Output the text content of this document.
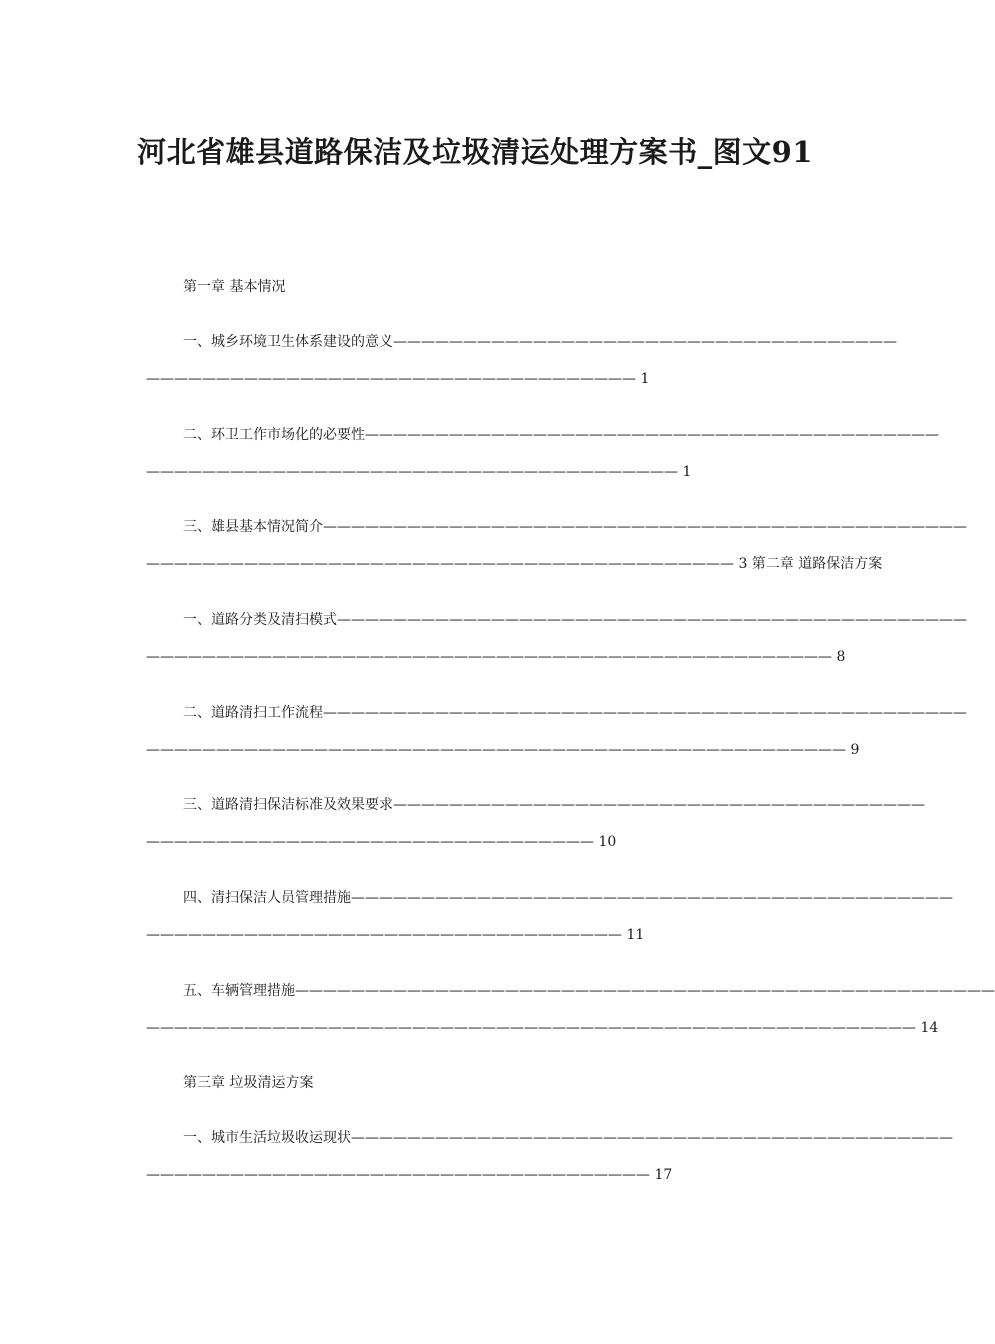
河北省雄县道路保洁及垃圾清运处理方案书_图文91
第一章 基本情况
一、城乡环境卫生体系建设的意义————————————————————————————————————
——————————————————————————————————— 1
二、环卫工作市场化的必要性—————————————————————————————————————————
—————————————————————————————————————— 1
三、雄县基本情况简介——————————————————————————————————————————————
—————————————————————————————————————————— 3 第二章 道路保洁方案
一、道路分类及清扫模式—————————————————————————————————————————————
————————————————————————————————————————————————— 8
二、道路清扫工作流程——————————————————————————————————————————————
—————————————————————————————————————————————————— 9
三、道路清扫保洁标准及效果要求——————————————————————————————————————
———————————————————————————————— 10
四、清扫保洁人员管理措施———————————————————————————————————————————
—————————————————————————————————— 11
五、车辆管理措施——————————————————————————————————————————————————
——————————————————————————————————————————————————————— 14
第三章 垃圾清运方案
一、城市生活垃圾收运现状———————————————————————————————————————————
———————————————————————————————————— 17
